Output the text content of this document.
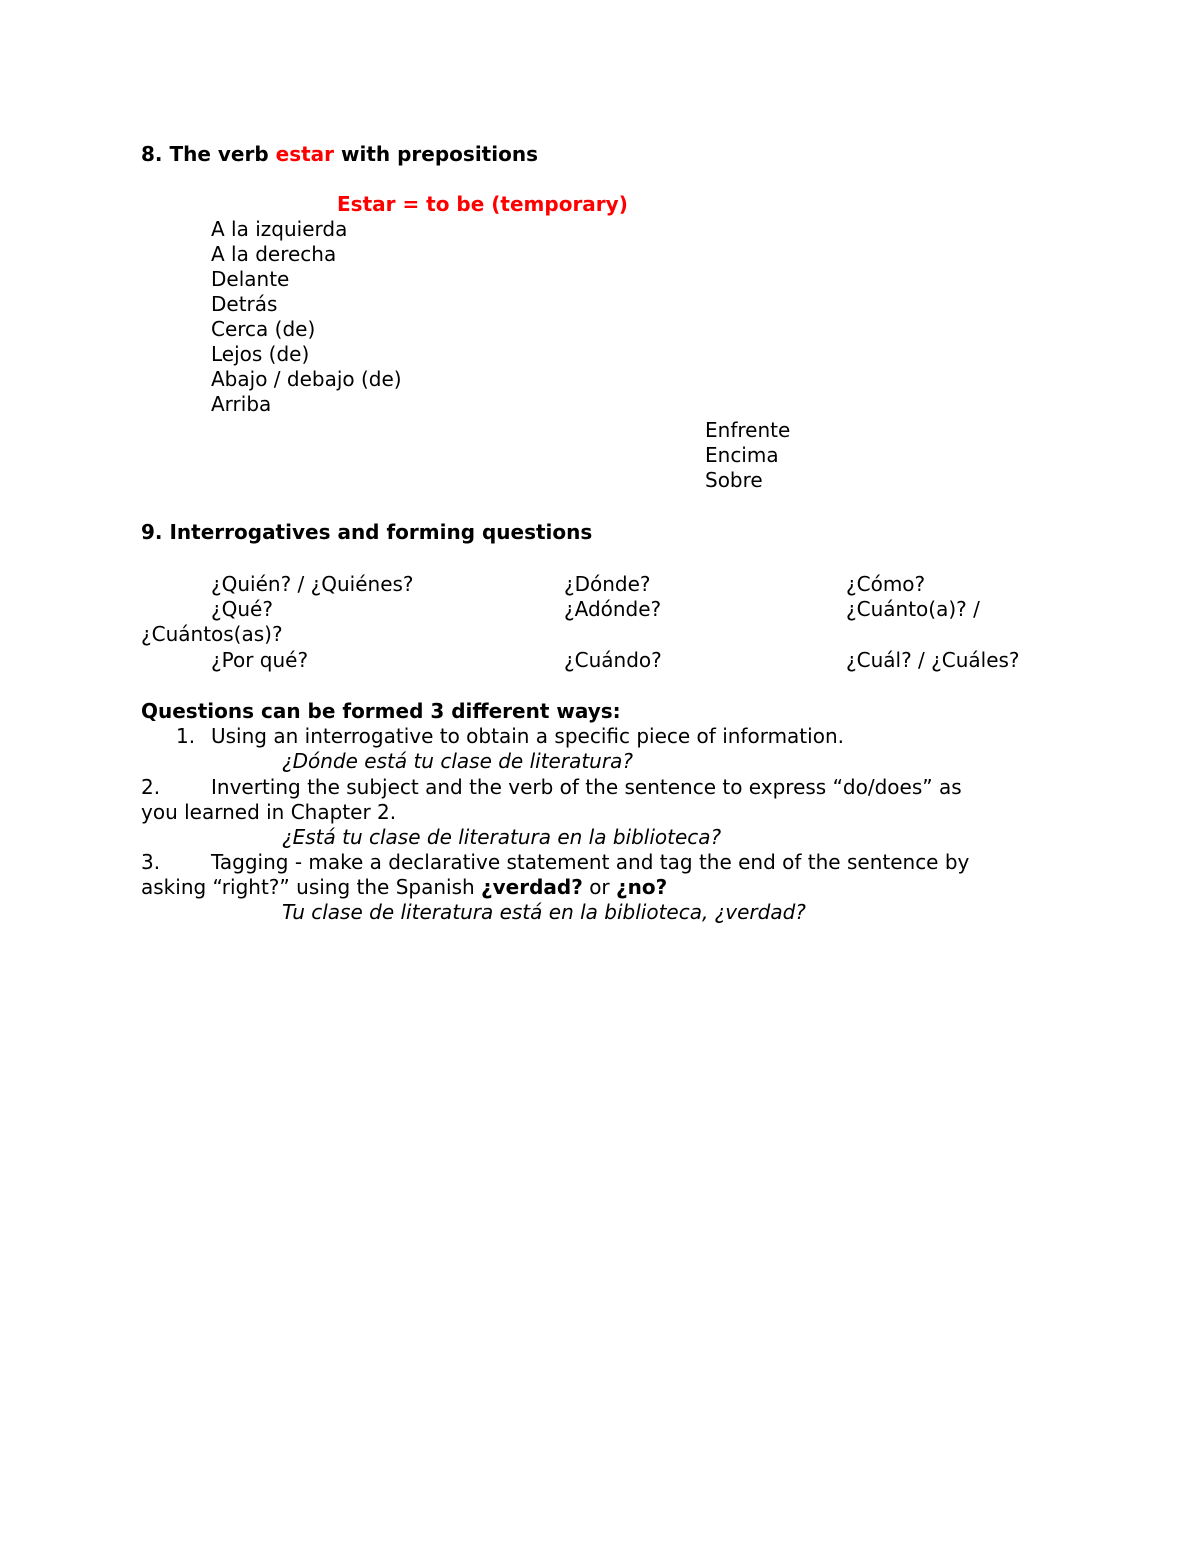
8. The verb estar with prepositions
Estar = to be (temporary)
A la izquierda
A la derecha
Delante
Detrás
Cerca (de)
Lejos (de)
Abajo / debajo (de)
Arriba
Enfrente
Encima
Sobre
9. Interrogatives and forming questions
¿Quién? / ¿Quiénes?	¿Dónde?	¿Cómo?
¿Qué?	¿Adónde?	¿Cuánto(a)? /
¿Cuántos(as)?
¿Por qué?	¿Cuándo?	¿Cuál? / ¿Cuáles?
Questions can be formed 3 different ways:
1. Using an interrogative to obtain a specific piece of information.
¿Dónde está tu clase de literatura?
2.	Inverting the subject and the verb of the sentence to express “do/does” as
you learned in Chapter 2.
¿Está tu clase de literatura en la biblioteca?
3.	Tagging - make a declarative statement and tag the end of the sentence by
asking “right?” using the Spanish ¿verdad? or ¿no?
Tu clase de literatura está en la biblioteca, ¿verdad?
